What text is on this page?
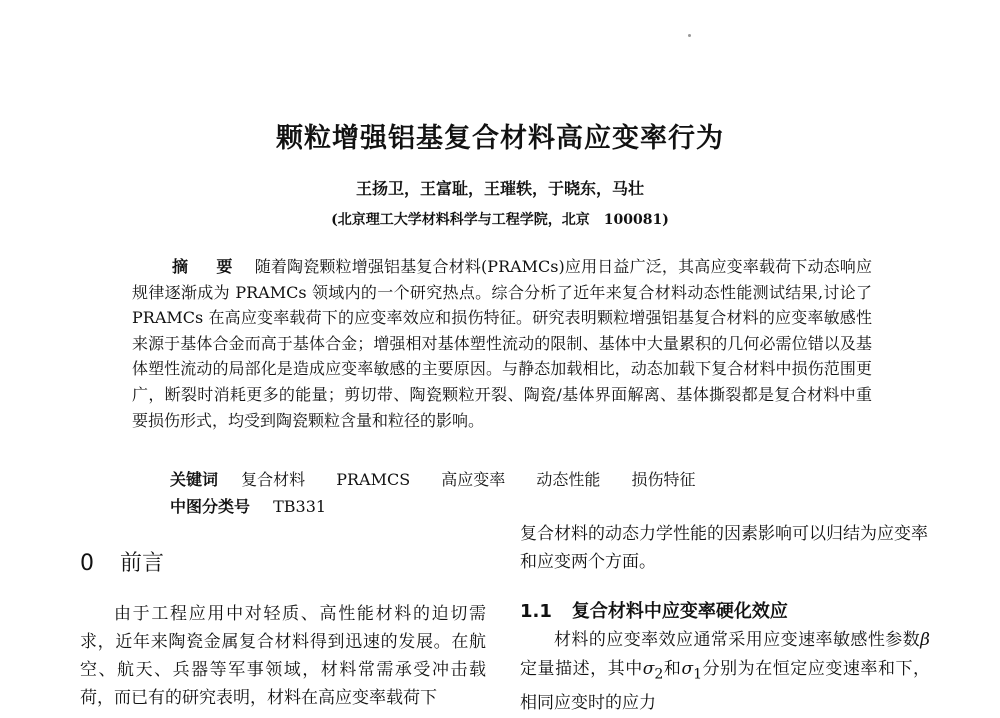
颗粒增强铝基复合材料高应变率行为
王扬卫，王富耻，王璀轶，于晓东，马壮
(北京理工大学材料科学与工程学院，北京　100081)

摘　要　 随着陶瓷颗粒增强铝基复合材料(PRAMCs)应用日益广泛，其高应变率载荷下动态响应规律逐渐成为 PRAMCs 领域内的一个研究热点。综合分析了近年来复合材料动态性能测试结果,讨论了 PRAMCs 在高应变率载荷下的应变率效应和损伤特征。研究表明颗粒增强铝基复合材料的应变率敏感性来源于基体合金而高于基体合金；增强相对基体塑性流动的限制、基体中大量累积的几何必需位错以及基体塑性流动的局部化是造成应变率敏感的主要原因。与静态加载相比，动态加载下复合材料中损伤范围更广，断裂时消耗更多的能量；剪切带、陶瓷颗粒开裂、陶瓷/基体界面解离、基体撕裂都是复合材料中重要损伤形式，均受到陶瓷颗粒含量和粒径的影响。

关键词 复合材料 PRAMCS 高应变率 动态性能 损伤特征
中图分类号 TB331
0 前言

由于工程应用中对轻质、高性能材料的迫切需求，近年来陶瓷金属复合材料得到迅速的发展。在航空、航天、兵器等军事领域，材料常需承受冲击载荷，而已有的研究表明，材料在高应变率载荷下

复合材料的动态力学性能的因素影响可以归结为应变率和应变两个方面。

1.1 复合材料中应变率硬化效应

材料的应变率效应通常采用应变速率敏感性参数β定量描述，其中$\sigma_2$和$\sigma_1$分别为在恒定应变速率和下，相同应变时的应力
